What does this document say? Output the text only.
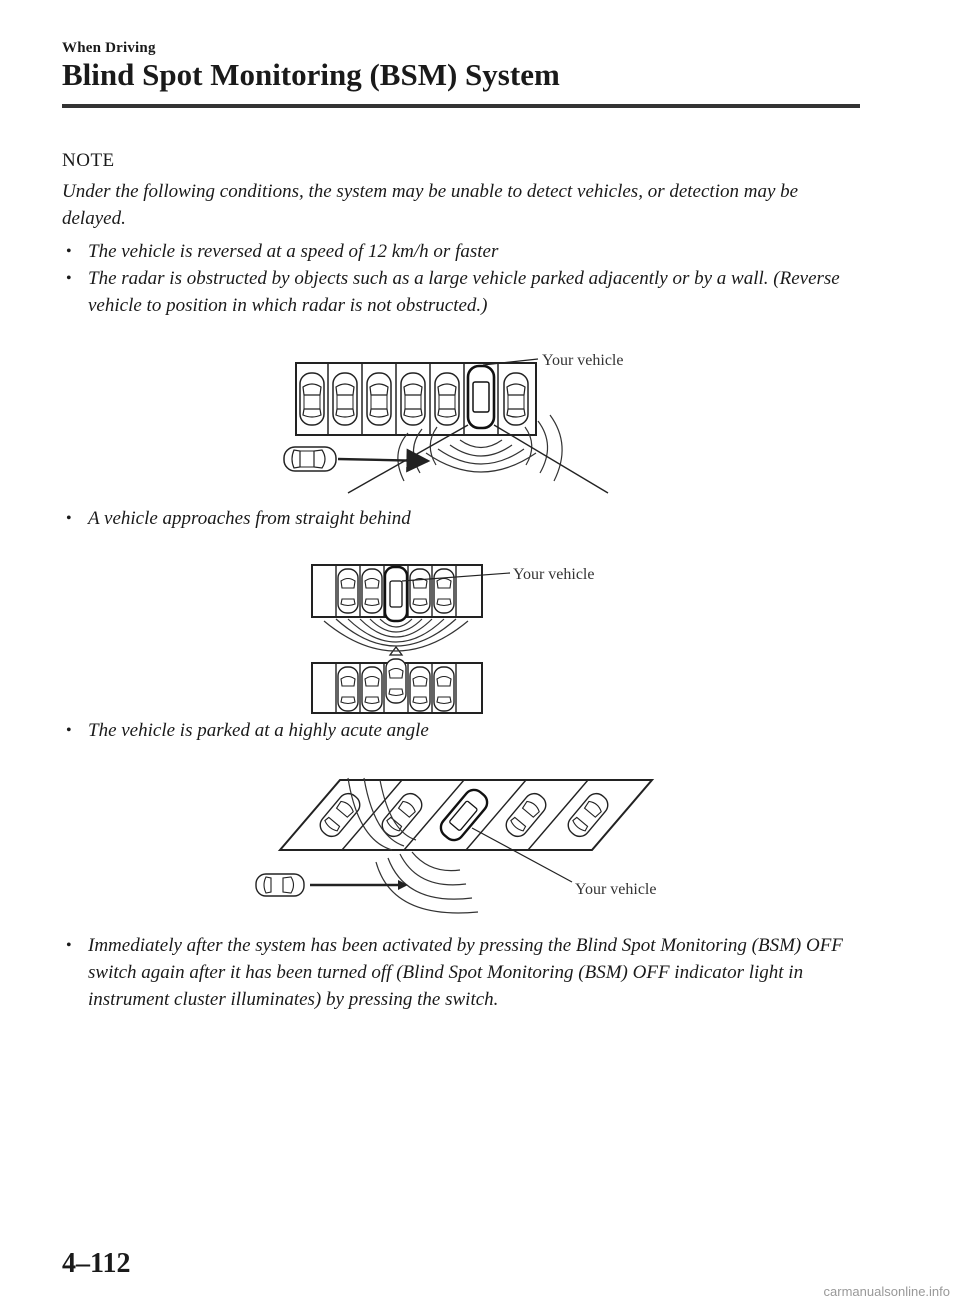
When Driving
Blind Spot Monitoring (BSM) System
NOTE
Under the following conditions, the system may be unable to detect vehicles, or detection may be delayed.
• The vehicle is reversed at a speed of 12 km/h or faster
• The radar is obstructed by objects such as a large vehicle parked adjacently or by a wall. (Reverse vehicle to position in which radar is not obstructed.)
Your vehicle
• A vehicle approaches from straight behind
Your vehicle
• The vehicle is parked at a highly acute angle
Your vehicle
• Immediately after the system has been activated by pressing the Blind Spot Monitoring (BSM) OFF switch again after it has been turned off (Blind Spot Monitoring (BSM) OFF indicator light in instrument cluster illuminates) by pressing the switch.
4–112
carmanualsonline.info
